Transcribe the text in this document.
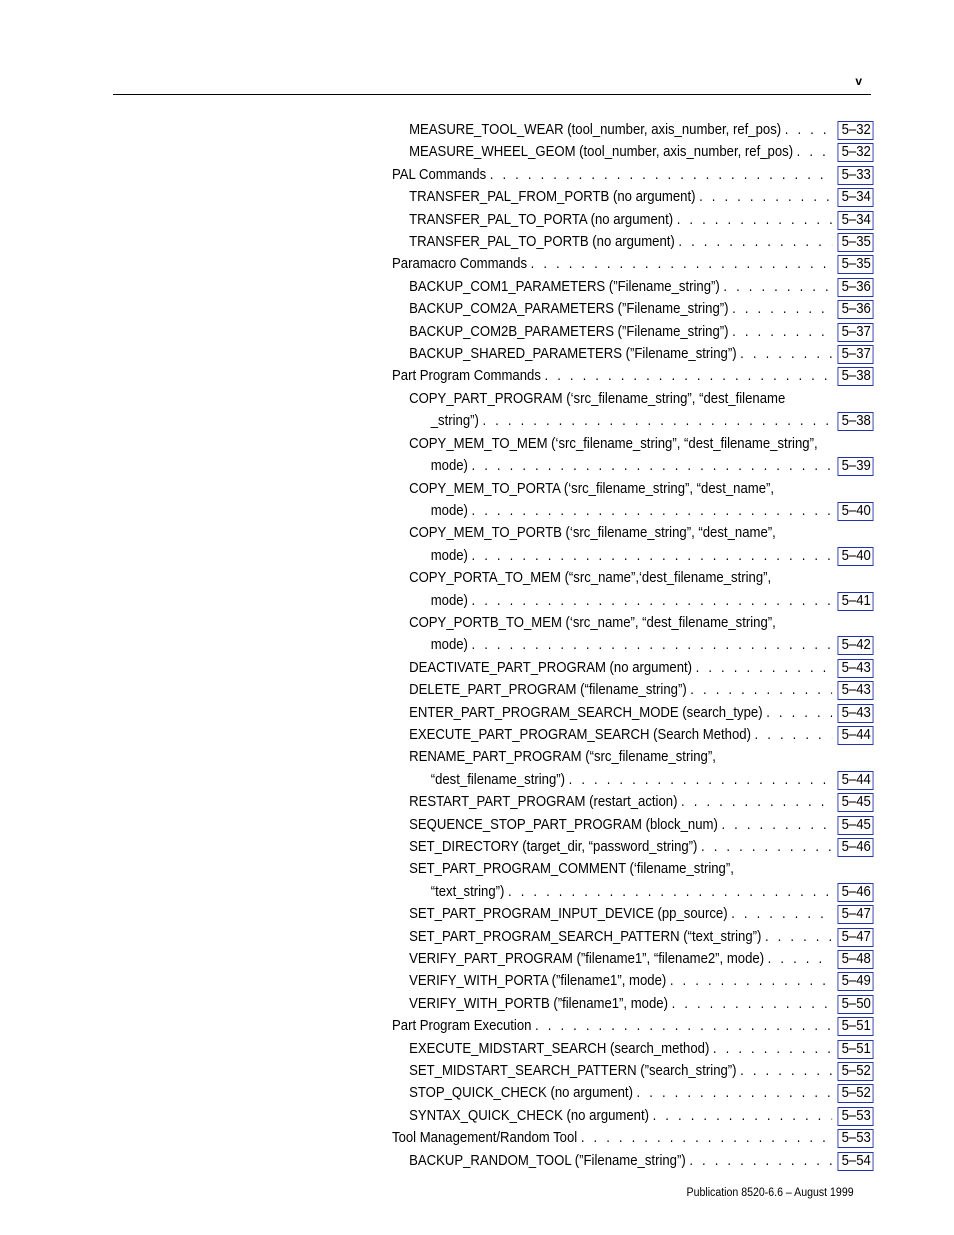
v
MEASURE_TOOL_WEAR (tool_number, axis_number, ref_pos) . . .	5–32
MEASURE_WHEEL_GEOM (tool_number, axis_number, ref_pos) . . .	5–32
PAL Commands . . .	5–33
TRANSFER_PAL_FROM_PORTB (no argument) . . .	5–34
TRANSFER_PAL_TO_PORTA (no argument) . . .	5–34
TRANSFER_PAL_TO_PORTB (no argument) . . .	5–35
Paramacro Commands . . .	5–35
BACKUP_COM1_PARAMETERS (”Filename_string”) . . .	5–36
BACKUP_COM2A_PARAMETERS (”Filename_string”) . . .	5–36
BACKUP_COM2B_PARAMETERS (”Filename_string”) . . .	5–37
BACKUP_SHARED_PARAMETERS (”Filename_string”) . . .	5–37
Part Program Commands . . .	5–38
COPY_PART_PROGRAM (‘src_filename_string”, “dest_filename
_string”) . . .	5–38
COPY_MEM_TO_MEM (‘src_filename_string”, “dest_filename_string”,
mode) . . .	5–39
COPY_MEM_TO_PORTA (‘src_filename_string”, “dest_name”,
mode) . . .	5–40
COPY_MEM_TO_PORTB (‘src_filename_string”, “dest_name”,
mode) . . .	5–40
COPY_PORTA_TO_MEM (“src_name”,‘dest_filename_string”,
mode) . . .	5–41
COPY_PORTB_TO_MEM (‘src_name”, “dest_filename_string”,
mode) . . .	5–42
DEACTIVATE_PART_PROGRAM (no argument) . . .	5–43
DELETE_PART_PROGRAM (“filename_string”) . . .	5–43
ENTER_PART_PROGRAM_SEARCH_MODE (search_type) . . .	5–43
EXECUTE_PART_PROGRAM_SEARCH (Search Method) . . .	5–44
RENAME_PART_PROGRAM (“src_filename_string”,
“dest_filename_string”) . . .	5–44
RESTART_PART_PROGRAM (restart_action) . . .	5–45
SEQUENCE_STOP_PART_PROGRAM (block_num) . . .	5–45
SET_DIRECTORY (target_dir, “password_string”) . . .	5–46
SET_PART_PROGRAM_COMMENT (‘filename_string”,
“text_string”) . . .	5–46
SET_PART_PROGRAM_INPUT_DEVICE (pp_source) . . .	5–47
SET_PART_PROGRAM_SEARCH_PATTERN (“text_string”) . . .	5–47
VERIFY_PART_PROGRAM (”filename1”, “filename2”, mode) . . .	5–48
VERIFY_WITH_PORTA (”filename1”, mode) . . .	5–49
VERIFY_WITH_PORTB (”filename1”, mode) . . .	5–50
Part Program Execution . . .	5–51
EXECUTE_MIDSTART_SEARCH (search_method) . . .	5–51
SET_MIDSTART_SEARCH_PATTERN (”search_string”) . . .	5–52
STOP_QUICK_CHECK (no argument) . . .	5–52
SYNTAX_QUICK_CHECK (no argument) . . .	5–53
Tool Management/Random Tool . . .	5–53
BACKUP_RANDOM_TOOL (”Filename_string”) . . .	5–54
Publication 8520-6.6 – August 1999
